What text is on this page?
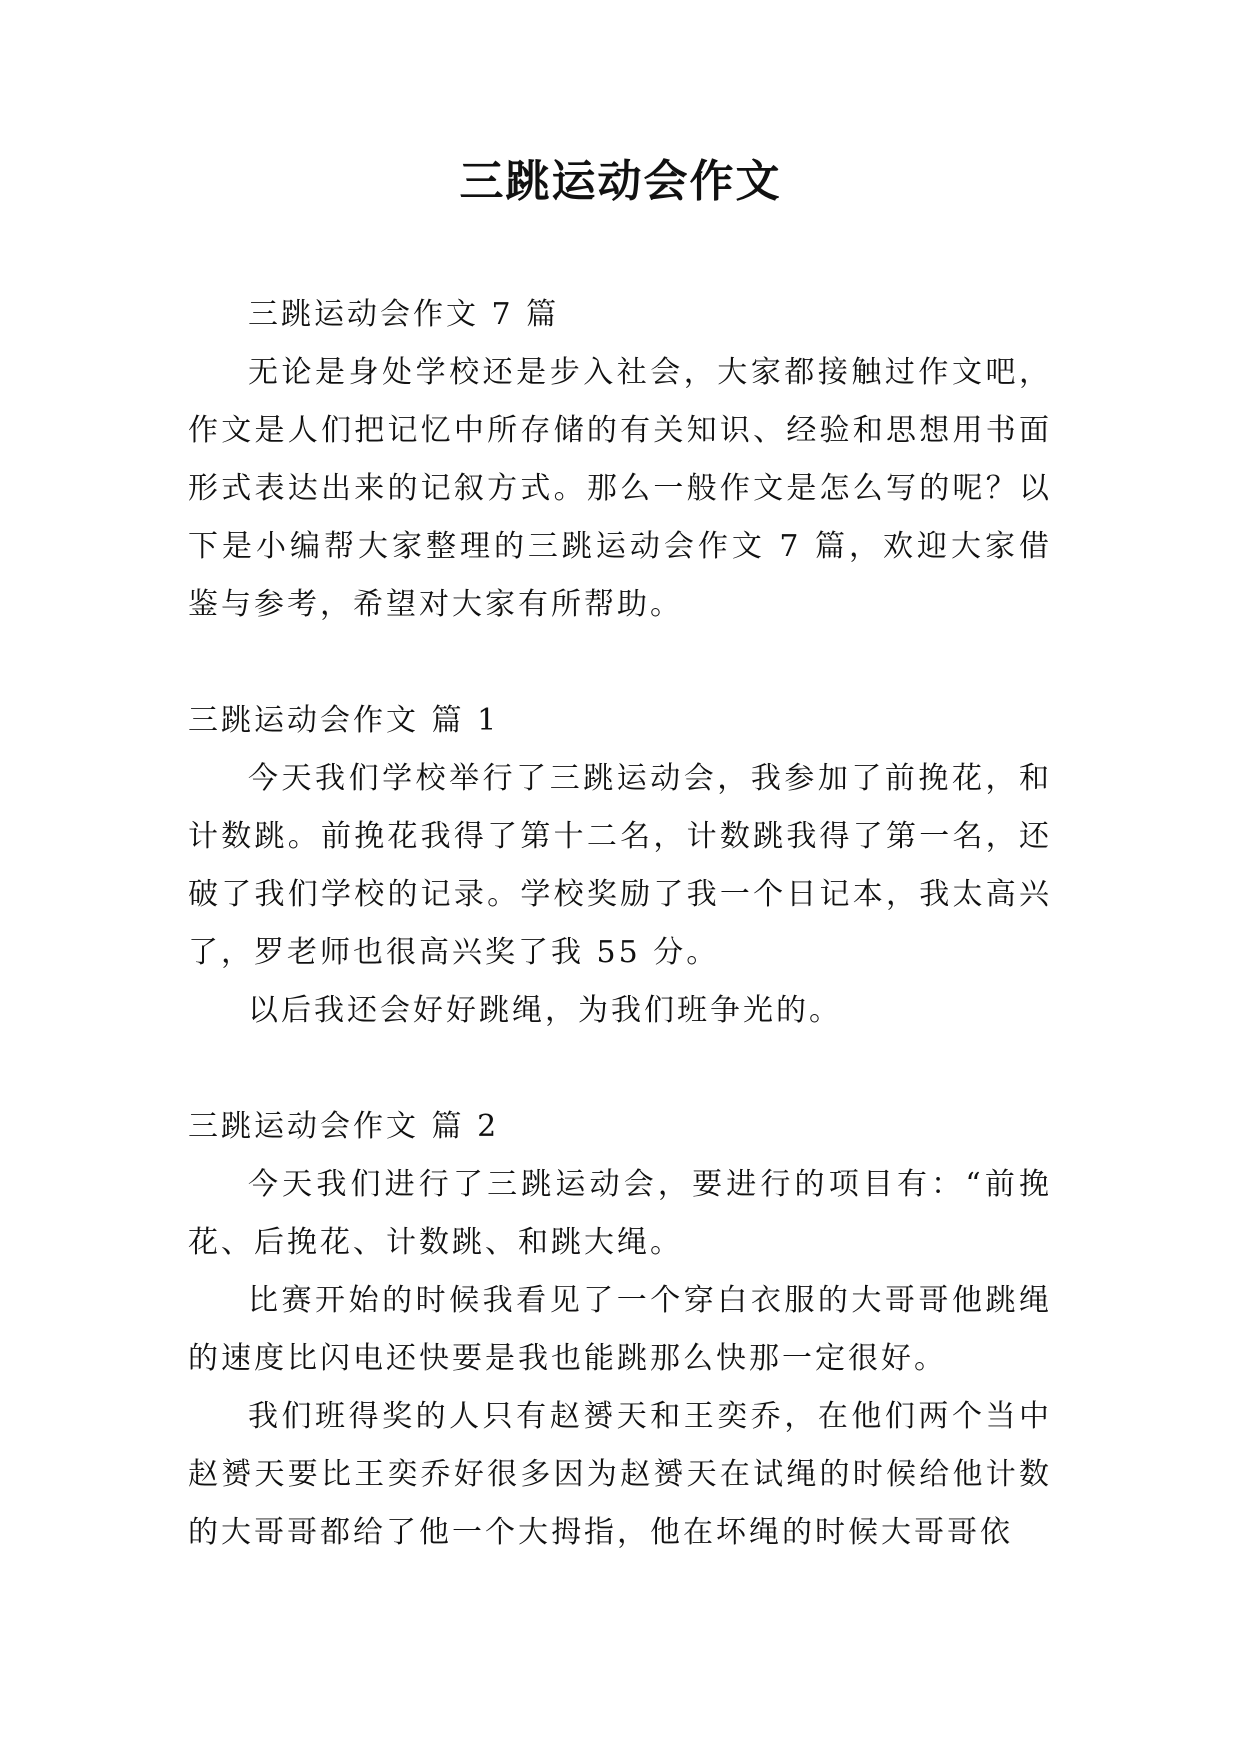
三跳运动会作文

三跳运动会作文 7 篇

无论是身处学校还是步入社会，大家都接触过作文吧，作文是人们把记忆中所存储的有关知识、经验和思想用书面形式表达出来的记叙方式。那么一般作文是怎么写的呢？以下是小编帮大家整理的三跳运动会作文 7 篇，欢迎大家借鉴与参考，希望对大家有所帮助。

三跳运动会作文 篇 1

今天我们学校举行了三跳运动会，我参加了前挽花，和计数跳。前挽花我得了第十二名，计数跳我得了第一名，还破了我们学校的记录。学校奖励了我一个日记本，我太高兴了，罗老师也很高兴奖了我 55 分。

以后我还会好好跳绳，为我们班争光的。

三跳运动会作文 篇 2

今天我们进行了三跳运动会，要进行的项目有：“前挽花、后挽花、计数跳、和跳大绳。

比赛开始的时候我看见了一个穿白衣服的大哥哥他跳绳的速度比闪电还快要是我也能跳那么快那一定很好。

我们班得奖的人只有赵赟天和王奕乔，在他们两个当中赵赟天要比王奕乔好很多因为赵赟天在试绳的时候给他计数的大哥哥都给了他一个大拇指，他在坏绳的时候大哥哥依
